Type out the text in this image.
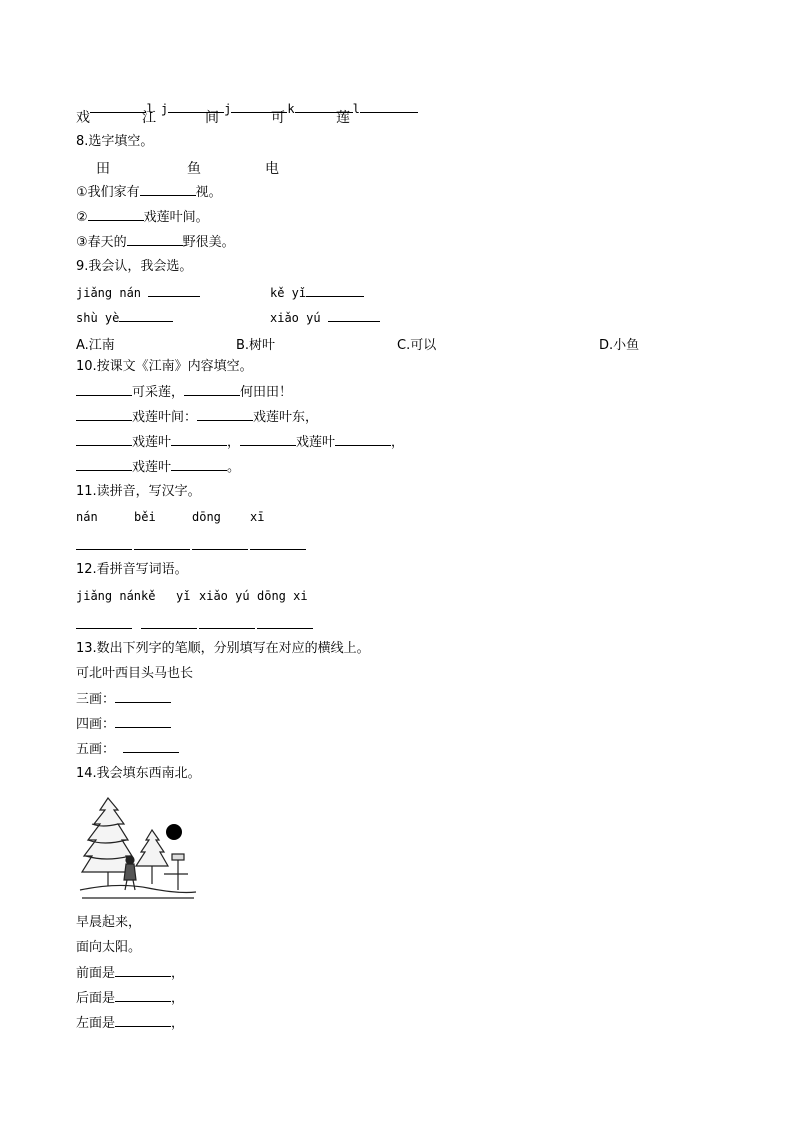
l j	j	k	l

戏	江	间	可	莲
8.选字填空。
田	鱼	电
①我们家有	视。
②	戏莲叶间。
③春天的	野很美。
9.我会认，我会选。
jiǎng nán	kě yǐ
shù yè	xiǎo yú
A.江南	B.树叶	C.可以	D.小鱼
10.按课文《江南》内容填空。
可采莲，	何田田！
戏莲叶间：	戏莲叶东，
戏莲叶	，	戏莲叶	，
戏莲叶	。
11.读拼音，写汉字。
nán	běi	dōng xī
12.看拼音写词语。
jiǎng nán kě yǐ xiǎo yú dōng xi
13.数出下列字的笔顺，分别填写在对应的横线上。
可北叶西目头马也长
三画：
四画：
五画：
14.我会填东西南北。
早晨起来，
面向太阳。
前面是	，
后面是	，
左面是	，
